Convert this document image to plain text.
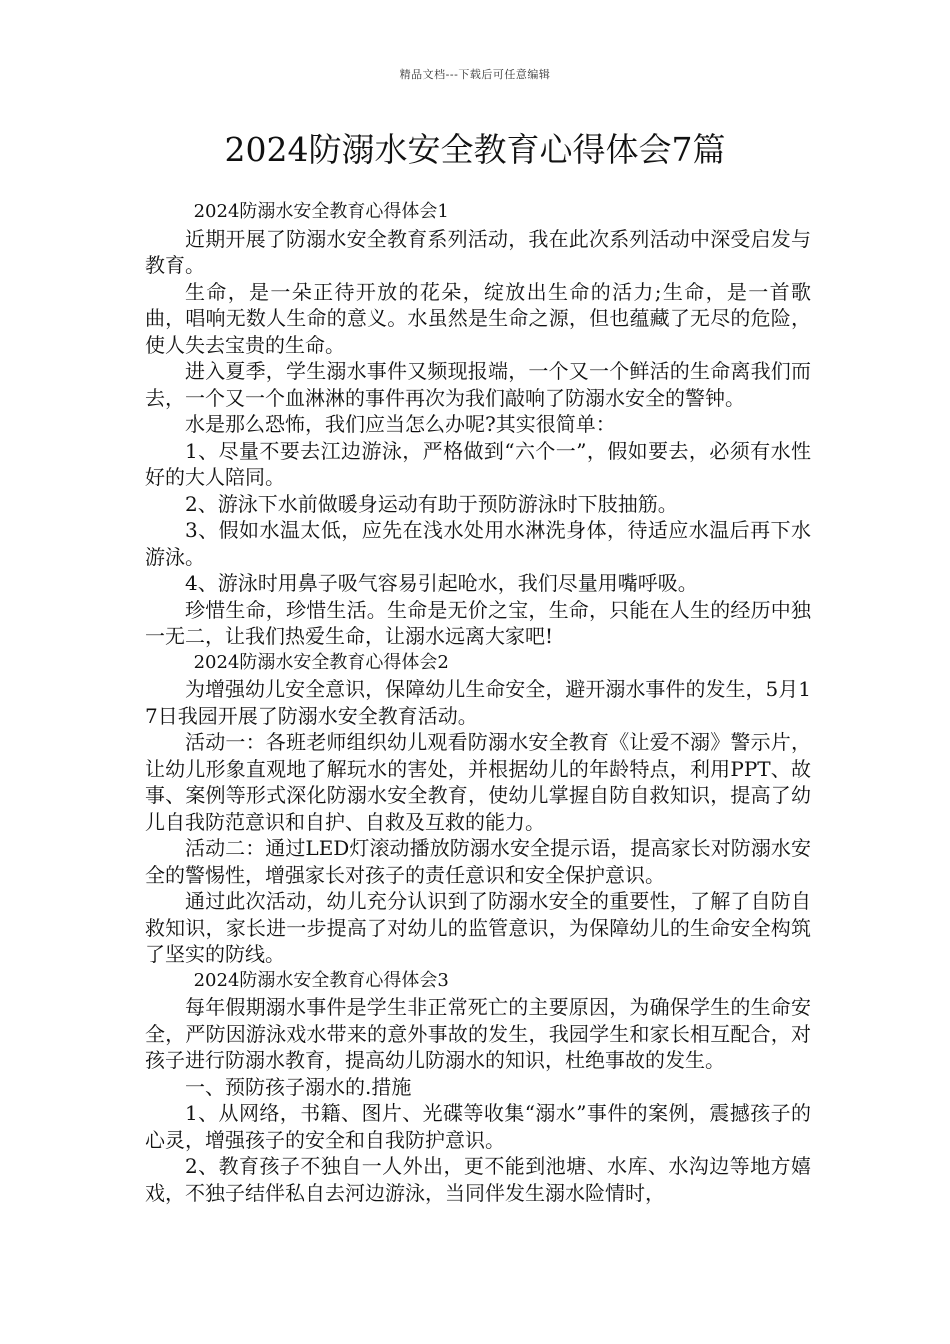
精品文档---下载后可任意编辑
2024防溺水安全教育心得体会7篇

2024防溺水安全教育心得体会1

近期开展了防溺水安全教育系列活动，我在此次系列活动中深受启发与教育。

生命，是一朵正待开放的花朵，绽放出生命的活力;生命，是一首歌曲，唱响无数人生命的意义。水虽然是生命之源，但也蕴藏了无尽的危险，使人失去宝贵的生命。

进入夏季，学生溺水事件又频现报端，一个又一个鲜活的生命离我们而去，一个又一个血淋淋的事件再次为我们敲响了防溺水安全的警钟。

水是那么恐怖，我们应当怎么办呢?其实很简单：

1、尽量不要去江边游泳，严格做到“六个一”，假如要去，必须有水性好的大人陪同。

2、游泳下水前做暖身运动有助于预防游泳时下肢抽筋。

3、假如水温太低，应先在浅水处用水淋洗身体，待适应水温后再下水游泳。

4、游泳时用鼻子吸气容易引起呛水，我们尽量用嘴呼吸。

珍惜生命，珍惜生活。生命是无价之宝，生命，只能在人生的经历中独一无二，让我们热爱生命，让溺水远离大家吧!

2024防溺水安全教育心得体会2

为增强幼儿安全意识，保障幼儿生命安全，避开溺水事件的发生，5月17日我园开展了防溺水安全教育活动。

活动一：各班老师组织幼儿观看防溺水安全教育《让爱不溺》警示片，让幼儿形象直观地了解玩水的害处，并根据幼儿的年龄特点，利用PPT、故事、案例等形式深化防溺水安全教育，使幼儿掌握自防自救知识，提高了幼儿自我防范意识和自护、自救及互救的能力。

活动二：通过LED灯滚动播放防溺水安全提示语，提高家长对防溺水安全的警惕性，增强家长对孩子的责任意识和安全保护意识。

通过此次活动，幼儿充分认识到了防溺水安全的重要性，了解了自防自救知识，家长进一步提高了对幼儿的监管意识，为保障幼儿的生命安全构筑了坚实的防线。

2024防溺水安全教育心得体会3

每年假期溺水事件是学生非正常死亡的主要原因，为确保学生的生命安全，严防因游泳戏水带来的意外事故的发生，我园学生和家长相互配合，对孩子进行防溺水教育，提高幼儿防溺水的知识，杜绝事故的发生。

一、预防孩子溺水的.措施

1、从网络，书籍、图片、光碟等收集“溺水”事件的案例，震撼孩子的心灵，增强孩子的安全和自我防护意识。

2、教育孩子不独自一人外出，更不能到池塘、水库、水沟边等地方嬉戏，不独子结伴私自去河边游泳，当同伴发生溺水险情时，
